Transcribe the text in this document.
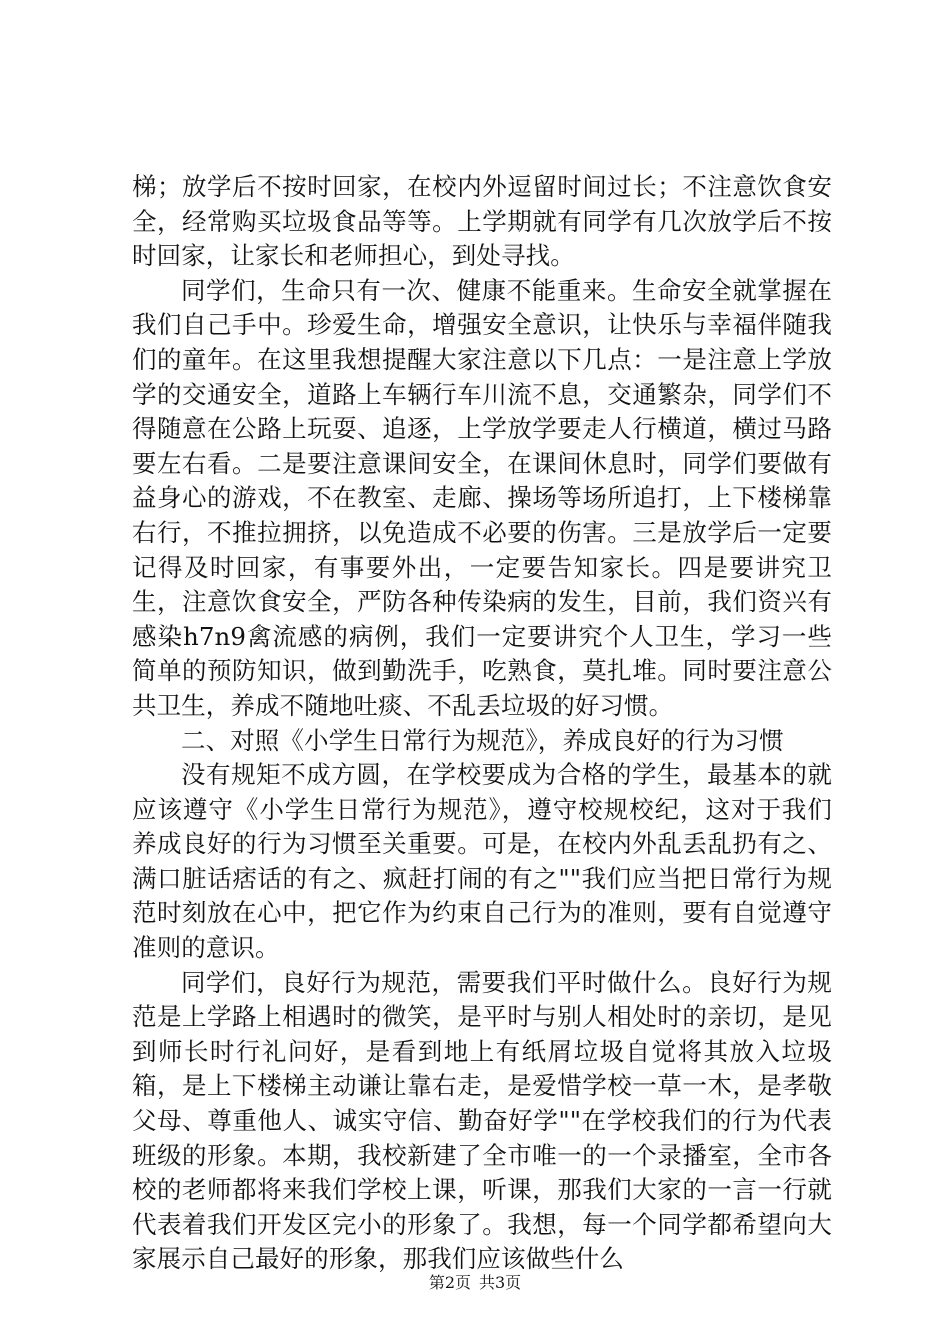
梯；放学后不按时回家，在校内外逗留时间过长；不注意饮食安全，经常购买垃圾食品等等。上学期就有同学有几次放学后不按时回家，让家长和老师担心，到处寻找。

同学们，生命只有一次、健康不能重来。生命安全就掌握在我们自己手中。珍爱生命，增强安全意识，让快乐与幸福伴随我们的童年。在这里我想提醒大家注意以下几点：一是注意上学放学的交通安全，道路上车辆行车川流不息，交通繁杂，同学们不得随意在公路上玩耍、追逐，上学放学要走人行横道，横过马路要左右看。二是要注意课间安全，在课间休息时，同学们要做有益身心的游戏，不在教室、走廊、操场等场所追打，上下楼梯靠右行，不推拉拥挤，以免造成不必要的伤害。三是放学后一定要记得及时回家，有事要外出，一定要告知家长。四是要讲究卫生，注意饮食安全，严防各种传染病的发生，目前，我们资兴有感染h7n9禽流感的病例，我们一定要讲究个人卫生，学习一些简单的预防知识，做到勤洗手，吃熟食，莫扎堆。同时要注意公共卫生，养成不随地吐痰、不乱丢垃圾的好习惯。

二、对照《小学生日常行为规范》，养成良好的行为习惯

没有规矩不成方圆，在学校要成为合格的学生，最基本的就应该遵守《小学生日常行为规范》，遵守校规校纪，这对于我们养成良好的行为习惯至关重要。可是，在校内外乱丢乱扔有之、满口脏话痞话的有之、疯赶打闹的有之""我们应当把日常行为规范时刻放在心中，把它作为约束自己行为的准则，要有自觉遵守准则的意识。

同学们，良好行为规范，需要我们平时做什么。良好行为规范是上学路上相遇时的微笑，是平时与别人相处时的亲切，是见到师长时行礼问好，是看到地上有纸屑垃圾自觉将其放入垃圾箱，是上下楼梯主动谦让靠右走，是爱惜学校一草一木，是孝敬父母、尊重他人、诚实守信、勤奋好学""在学校我们的行为代表班级的形象。本期，我校新建了全市唯一的一个录播室，全市各校的老师都将来我们学校上课，听课，那我们大家的一言一行就代表着我们开发区完小的形象了。我想，每一个同学都希望向大家展示自己最好的形象，那我们应该做些什么

第2页 共3页
